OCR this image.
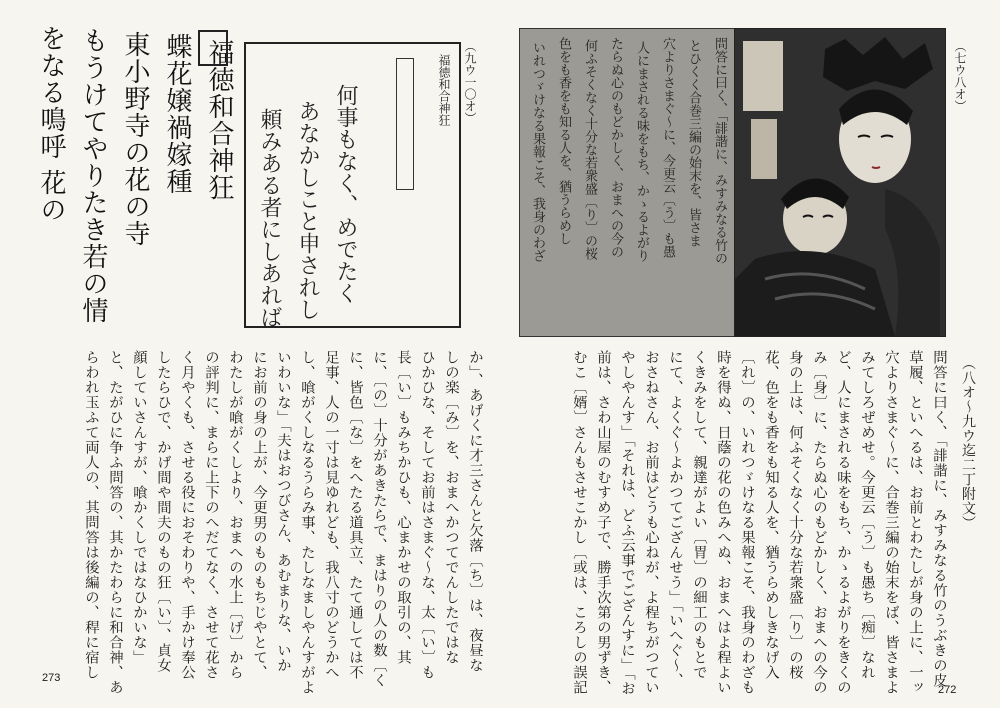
福徳和合神狂
蝶花嬢禍嫁種
東小野寺の花の寺
もうけてやりたき若の情
をなる鳴呼 花の	福徳和合神狂
何事もなく、めでたく
あなかしこと申されし
頼みある者にしあれば
（九ウ一〇オ）
か」、あげくに才三さんと欠落〔ち〕は、夜昼な
しの楽〔み〕を、おまへかつてでんしたではな
ひかひな、そしてお前はさまぐ〜な、太〔い〕も
長〔い〕もみちかひも、心まかせの取引の、其
に、〔の〕十分があきたらで、まはりの人の数〔く
に、皆色〔な〕をへたる道具立、たて通しては不
足事、人の一寸は見ゆれども、我八寸のどうかへ
し、喰がくしなるうらみ事、たしなましやんすがよ
いわいな」「夫はおつびさん、あむまりな、いか
にお前の身の上が、今更男のものもちじやとて、
わたしが喰がくしより、おまへの水上〔げ〕から
の評判に、まらに上下のへだてなく、させて花さ
く月やくも、させる役におそわりや、手かけ奉公
したらひで、かげ間や間夫のもの狂〔い〕、貞女
顔していさんすが、喰かくしではなひかいな」
と、たがひに争ふ問答の、其かたわらに和合神、あ
らわれ玉ふて両人の、其問答は後編の、稈に宿し
273
問答に曰く、「誹諧に、みすみなる竹の
とひくく合巻三編の始末を、皆さま
穴よりさまぐ〜に、今更云〔う〕も愚
人にまされる味をもち、かゝるよがり
たらぬ心のもどかしく、おまへの今の
何ふそくなく十分な若衆盛〔り〕の桜
色をも香をも知る人を、猶うらめし
いれつゞけなる果報こそ、我身のわざ	（七ウ八オ）
（八オ〜九ウ迄二丁附文）
問答に曰く、「誹諧に、みすみなる竹のうぶきの皮
草履、といへるは、お前とわたしが身の上に、一ッ
穴よりさまぐ〜に、合巻三編の始末をば、皆さまよ
みてしろぜめせ。今更云〔う〕も愚ち〔痴〕なれ
ど、人にまされる味をもち、かゝるよがりをきくの
み〔身〕に、たらぬ心のもどかしく、おまへの今の
身の上は、何ふそくなく十分な若衆盛〔り〕の桜
花、色をも香をも知る人を、猶うらめしきなげ入
〔れ〕の、いれつゞけなる果報こそ、我身のわざも
時を得ぬ、日蔭の花の色みへぬ、おまへはよ程よい
くきみをして、親達がよい〔胃〕の細工のもとで
にて、よくぐ〜よかつてござんせう」「いへぐ〜、
おさねさん、お前はどうも心ねが、よ程ちがつてい
やしやんす」「それは、どふ云事でござんすに」「お
前は、さわ山屋のむすめ子で、勝手次第の男ずき、
むこ〔婿〕さんもさせこかし〔或は、ころしの誤記	272
